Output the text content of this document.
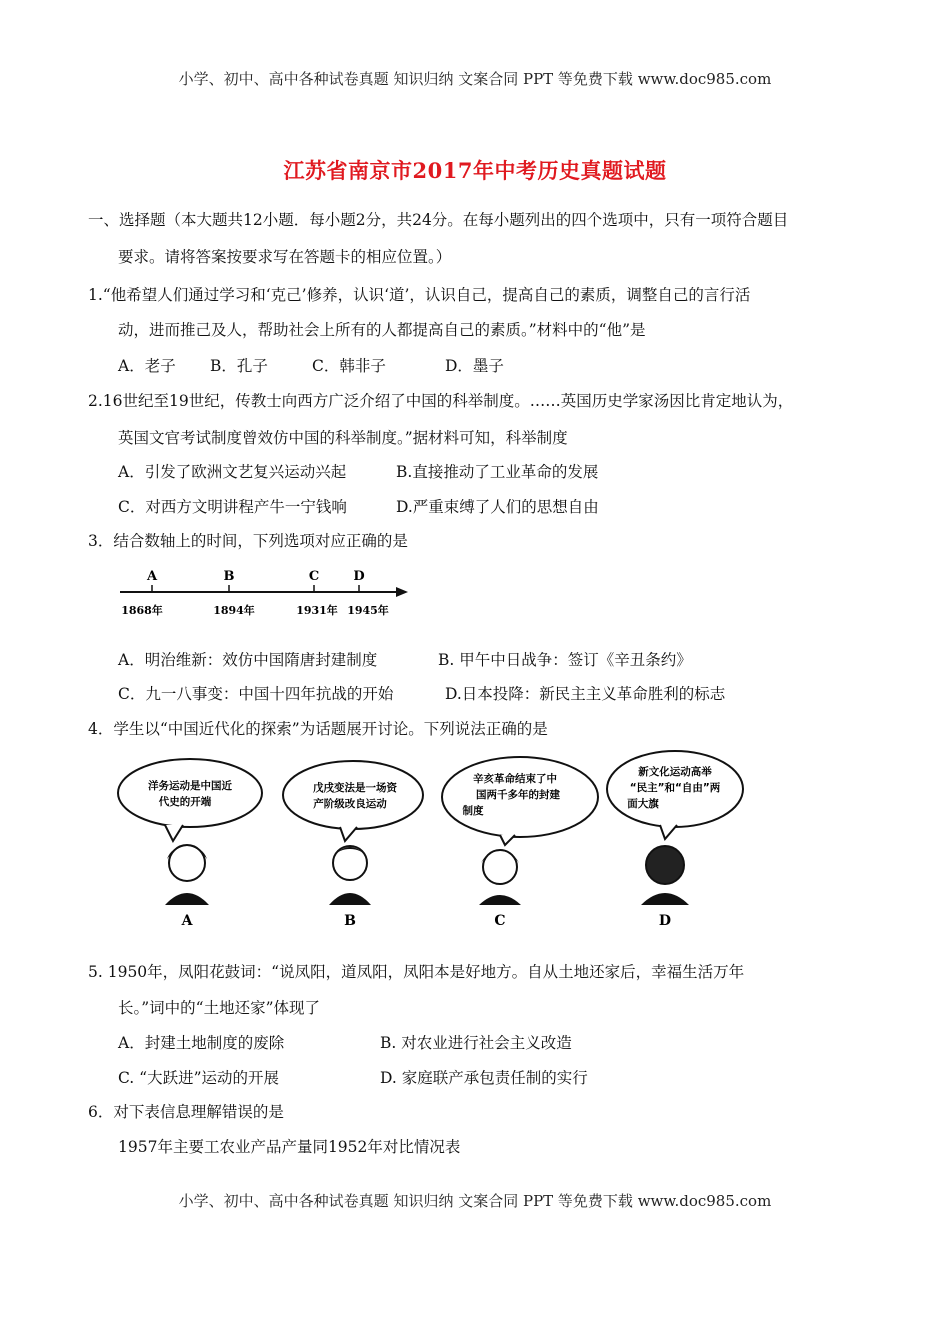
小学、初中、高中各种试卷真题 知识归纳 文案合同 PPT 等免费下载 www.doc985.com
江苏省南京市2017年中考历史真题试题
一、选择题（本大题共12小题．每小题2分，共24分。在每小题列出的四个选项中，只有一项符合题目
要求。请将答案按要求写在答题卡的相应位置。）
1.“他希望人们通过学习和‘克己’修养，认识‘道’，认识自己，提高自己的素质，调整自己的言行活
动，进而推己及人，帮助社会上所有的人都提高自己的素质。”材料中的“他”是
A．老子 B．孔子	C．韩非子	D．墨子
2.16世纪至19世纪，传教士向西方广泛介绍了中国的科举制度。……英国历史学家汤因比肯定地认为，
英国文官考试制度曾效仿中国的科举制度。”据材料可知，科举制度
A．引发了欧洲文艺复兴运动兴起	B.直接推动了工业革命的发展
C．对西方文明讲程产牛一宁钱响	D.严重束缚了人们的思想自由
3．结合数轴上的时间，下列选项对应正确的是
A	B	C	D
1868年	1894年	1931年 1945年
A．明治维新：效仿中国隋唐封建制度	B. 甲午中日战争：签订《辛丑条约》
C．九一八事变：中国十四年抗战的开始	D.日本投降：新民主主义革命胜利的标志
4．学生以“中国近代化的探索”为话题展开讨论。下列说法正确的是
洋务运动是中国近
代史的开端
A
戊戌变法是一场资
产阶级改良运动
B
辛亥革命结束了中
国两千多年的封建
制度
C
新文化运动高举
“民主”和“自由”两
面大旗
D
5. 1950年，凤阳花鼓词：“说凤阳，道凤阳，凤阳本是好地方。自从土地还家后，幸福生活万年
长。”词中的“土地还家”体现了
A．封建土地制度的废除	B. 对农业进行社会主义改造
C. “大跃进”运动的开展	D. 家庭联产承包责任制的实行
6．对下表信息理解错误的是
1957年主要工农业产品产量同1952年对比情况表
小学、初中、高中各种试卷真题 知识归纳 文案合同 PPT 等免费下载 www.doc985.com
